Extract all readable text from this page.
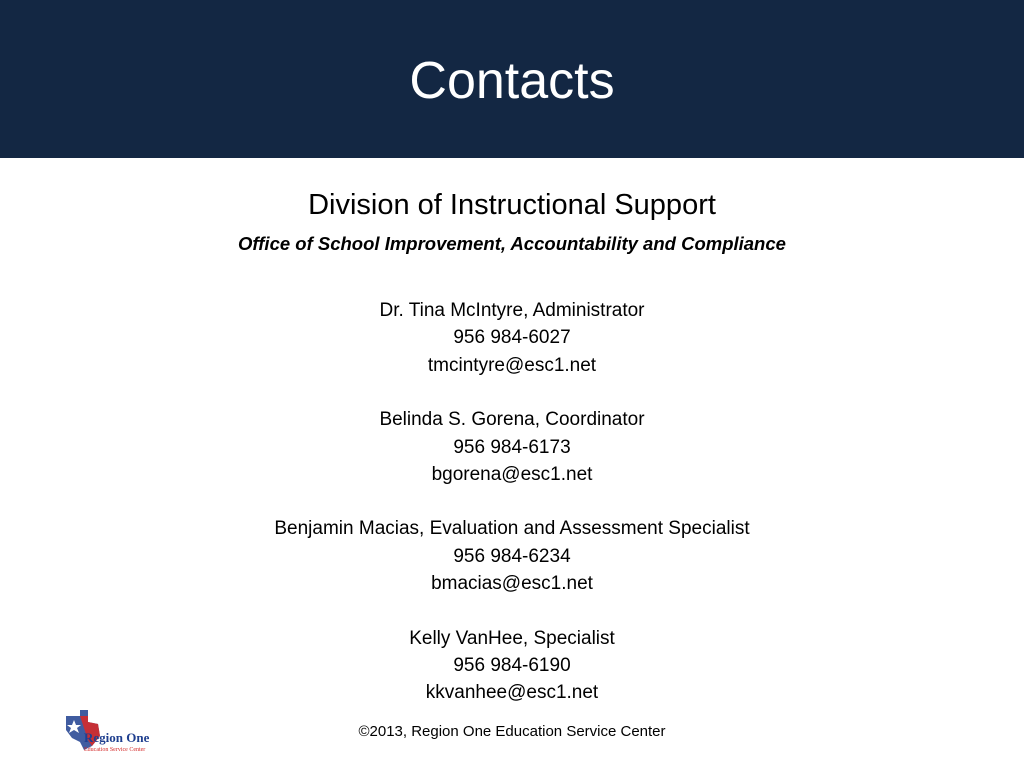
Contacts

Division of Instructional Support

Office of School Improvement, Accountability and Compliance

Dr. Tina McIntyre, Administrator
956 984-6027
tmcintyre@esc1.net
Belinda S. Gorena, Coordinator
956 984-6173
bgorena@esc1.net
Benjamin Macias, Evaluation and Assessment Specialist
956 984-6234
bmacias@esc1.net
Kelly VanHee, Specialist
956 984-6190
kkvanhee@esc1.net
Region One
Education Service Center
©2013, Region One Education Service Center
